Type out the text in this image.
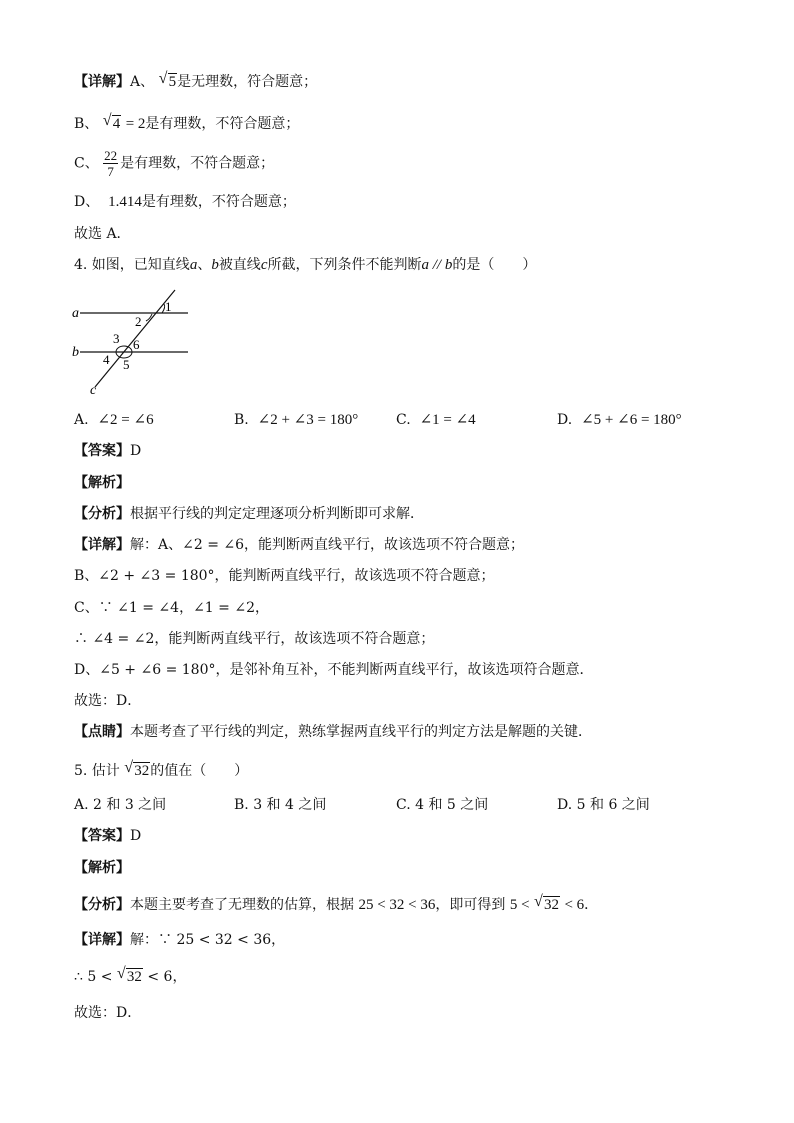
【详解】A、 √ 5是无理数，符合题意；
B、 √ 4 = 2是有理数，不符合题意；
C、 $\frac{22}{7}$ 是有理数，不符合题意；
D、 1.414是有理数，不符合题意；
故选 A．
4. 如图，已知直线a、b被直线c所截，下列条件不能判断a // b的是（　　）
a
b
c
1
2
3 6
4 5
A. ∠2 = ∠6	B. ∠2 + ∠3 = 180°	C. ∠1 = ∠4	D. ∠5 + ∠6 = 180°
【答案】D
【解析】
【分析】根据平行线的判定定理逐项分析判断即可求解．
【详解】解：A、∠2 = ∠6，能判断两直线平行，故该选项不符合题意；
B、∠2 + ∠3 = 180°，能判断两直线平行，故该选项不符合题意；
C、∵ ∠1 = ∠4，∠1 = ∠2，
∴ ∠4 = ∠2，能判断两直线平行，故该选项不符合题意；
D、∠5 + ∠6 = 180°，是邻补角互补，不能判断两直线平行，故该选项符合题意．
故选：D．
【点睛】本题考查了平行线的判定，熟练掌握两直线平行的判定方法是解题的关键．
5. 估计 √ 32的值在（　　）
A. 2 和 3 之间	B. 3 和 4 之间	C. 4 和 5 之间	D. 5 和 6 之间
【答案】D
【解析】
【分析】本题主要考查了无理数的估算，根据 25 < 32 < 36，即可得到 5 < √ 32 < 6．
【详解】解：∵ 25 < 32 < 36，
∴ 5 < √ 32 < 6，
故选：D．
